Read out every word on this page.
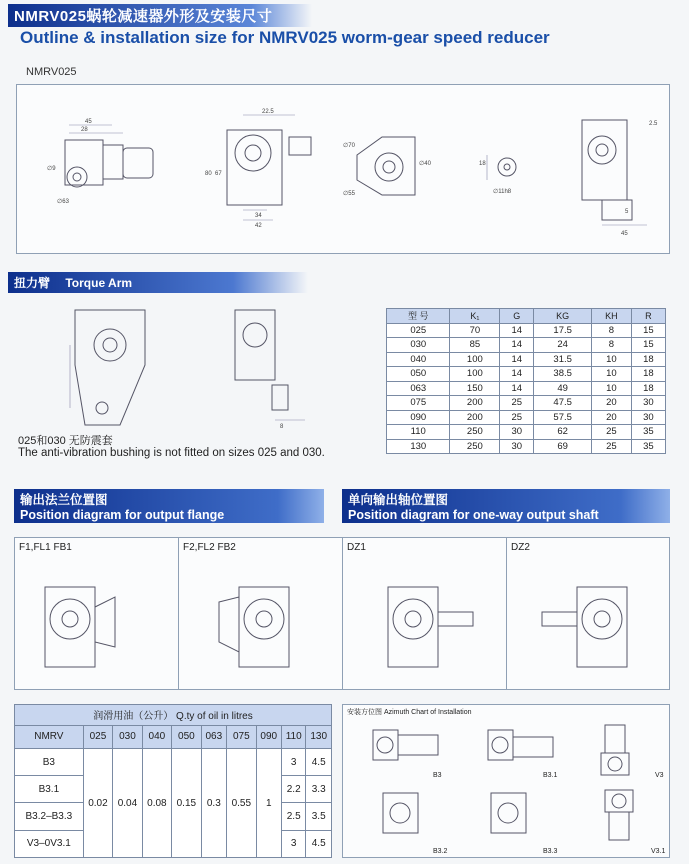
NMRV025蜗轮减速器外形及安装尺寸
Outline & installation size for NMRV025 worm-gear speed reducer
NMRV025
45
28
∅9
∅63
22.5
34
42
80 67
∅70
∅55
∅40	18
∅11h8
2.5
5
45
扭力臂 Torque Arm
8
025和030 无防震套
The anti-vibration bushing is not fitted on sizes 025 and 030.
型 号	K₁	G	KG	KH	R
025	70	14	17.5	8	15
030	85	14	24	8	15
040	100	14	31.5	10	18
050	100	14	38.5	10	18
063	150	14	49	10	18
075	200	25	47.5	20	30
090	200	25	57.5	20	30
110	250	30	62	25	35
130	250	30	69	25	35
输出法兰位置图
Position diagram for output flange
单向输出轴位置图
Position diagram for one-way output shaft
F1,FL1 FB1	F2,FL2 FB2	DZ1	DZ2
润滑用油（公升） Q.ty of oil in litres									
NMRV	025	030	040	050	063	075	090	110	130
B3	0.02	0.04	0.08	0.15	0.3	0.55	1	3	4.5
B3.1								2.2	3.3
B3.2–B3.3								2.5	3.5
V3–0V3.1								3	4.5
安装方位图 Azimuth Chart of Installation
B3	B3.1	V3
B3.2	B3.3	V3.1
